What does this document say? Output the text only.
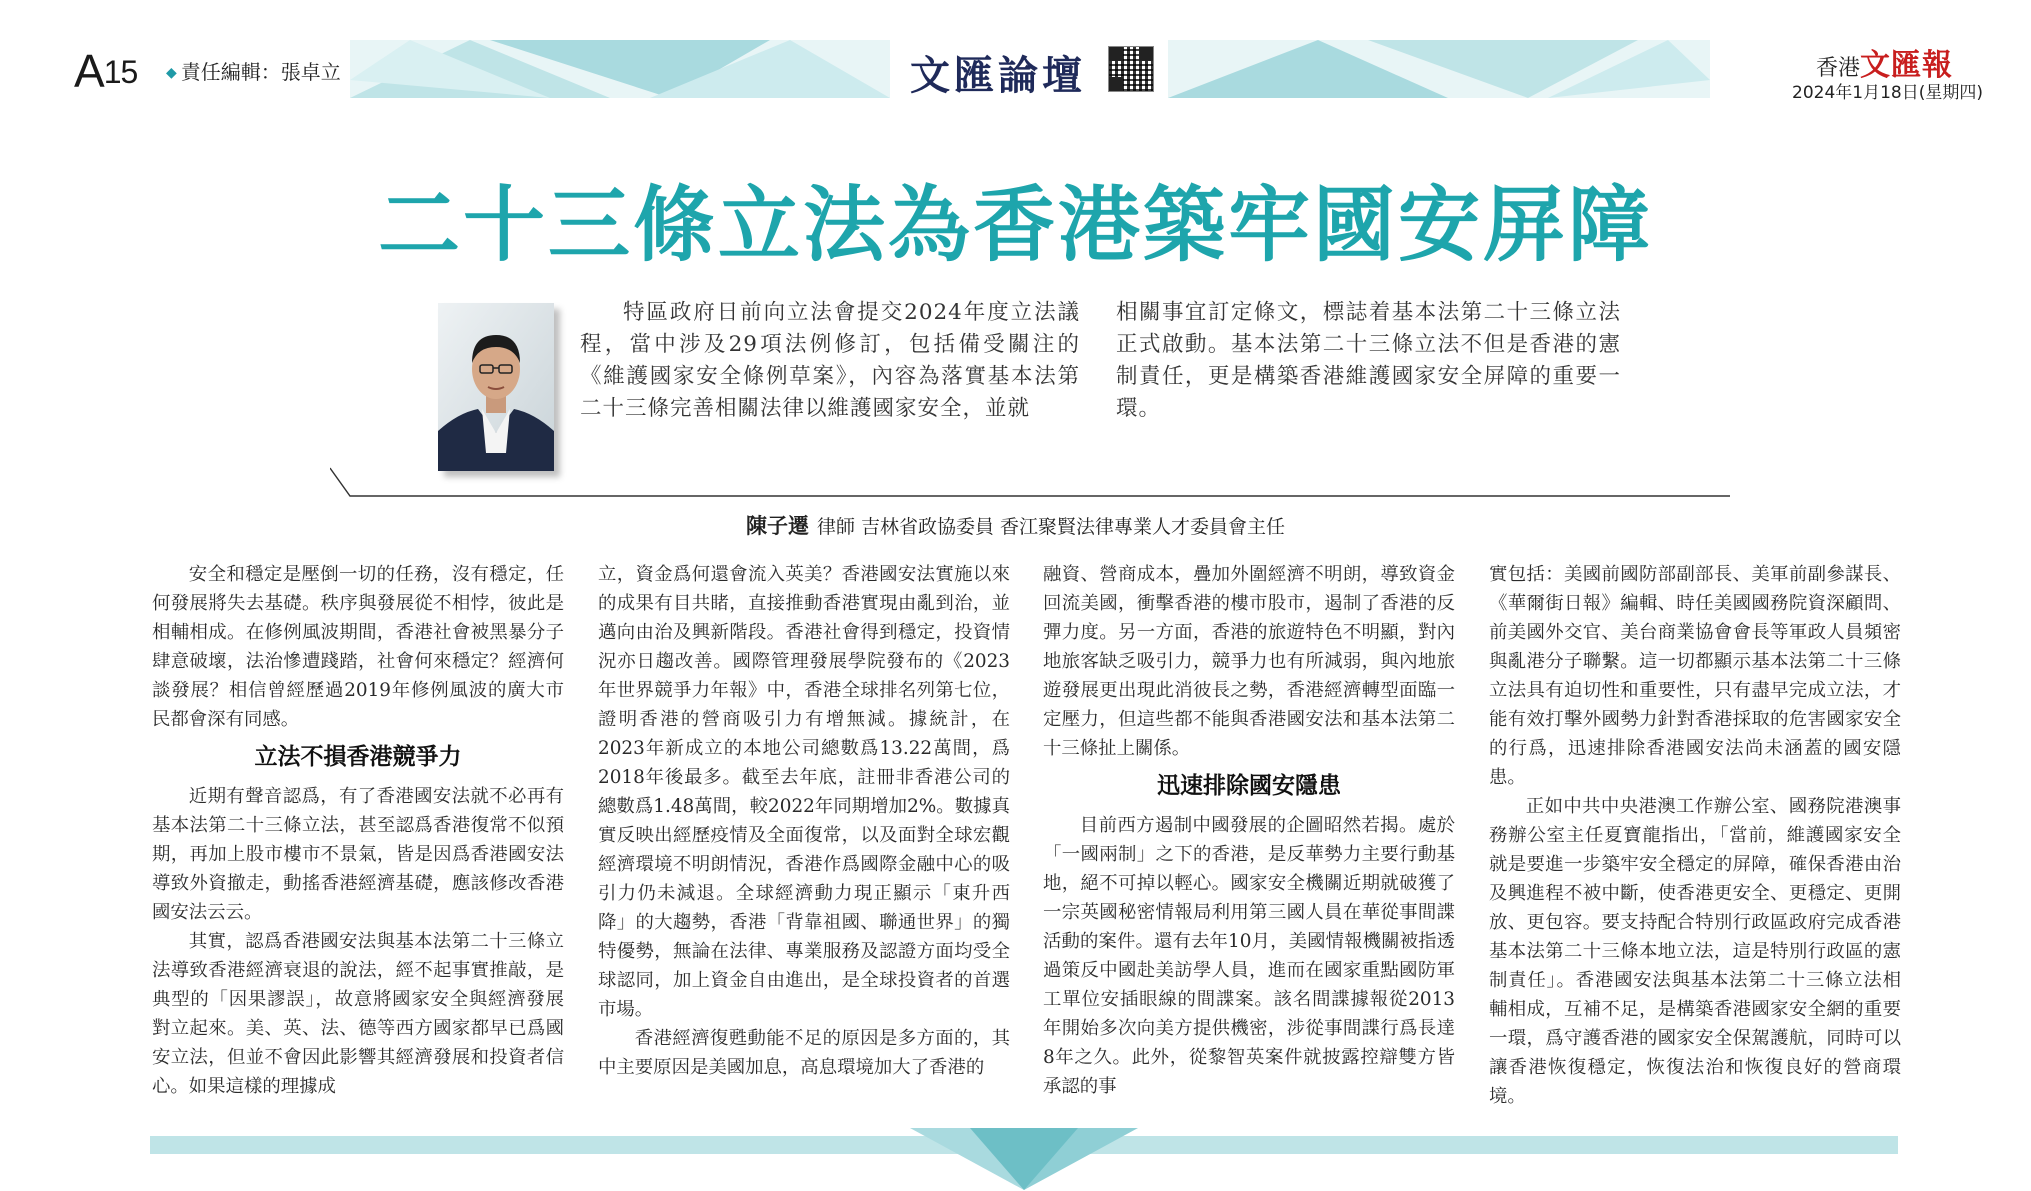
A15 ◆ 責任編輯：張卓立	文匯論壇	香港文匯報
2024年1月18日(星期四)
二十三條立法為香港築牢國安屏障
特區政府日前向立法會提交2024年度立法議程，當中涉及29項法例修訂，包括備受關注的《維護國家安全條例草案》，內容為落實基本法第二十三條完善相關法律以維護國家安全，並就
相關事宜訂定條文，標誌着基本法第二十三條立法正式啟動。基本法第二十三條立法不但是香港的憲制責任，更是構築香港維護國家安全屏障的重要一環。
陳子遷 律師 吉林省政協委員 香江聚賢法律專業人才委員會主任

安全和穩定是壓倒一切的任務，沒有穩定，任何發展將失去基礎。秩序與發展從不相悖，彼此是相輔相成。在修例風波期間，香港社會被黑暴分子肆意破壞，法治慘遭踐踏，社會何來穩定？經濟何談發展？相信曾經歷過2019年修例風波的廣大市民都會深有同感。

立法不損香港競爭力

近期有聲音認爲，有了香港國安法就不必再有基本法第二十三條立法，甚至認爲香港復常不似預期，再加上股市樓市不景氣，皆是因爲香港國安法導致外資撤走，動搖香港經濟基礎，應該修改香港國安法云云。

其實，認爲香港國安法與基本法第二十三條立法導致香港經濟衰退的說法，經不起事實推敲，是典型的「因果謬誤」，故意將國家安全與經濟發展對立起來。美、英、法、德等西方國家都早已爲國安立法，但並不會因此影響其經濟發展和投資者信心。如果這樣的理據成

立，資金爲何還會流入英美？香港國安法實施以來的成果有目共睹，直接推動香港實現由亂到治，並邁向由治及興新階段。香港社會得到穩定，投資情況亦日趨改善。國際管理發展學院發布的《2023年世界競爭力年報》中，香港全球排名列第七位，證明香港的營商吸引力有增無減。據統計，在2023年新成立的本地公司總數爲13.22萬間，爲2018年後最多。截至去年底，註冊非香港公司的總數爲1.48萬間，較2022年同期增加2%。數據真實反映出經歷疫情及全面復常，以及面對全球宏觀經濟環境不明朗情況，香港作爲國際金融中心的吸引力仍未減退。全球經濟動力現正顯示「東升西降」的大趨勢，香港「背靠祖國、聯通世界」的獨特優勢，無論在法律、專業服務及認證方面均受全球認同，加上資金自由進出，是全球投資者的首選市場。

香港經濟復甦動能不足的原因是多方面的，其中主要原因是美國加息，高息環境加大了香港的

融資、營商成本，疊加外圍經濟不明朗，導致資金回流美國，衝擊香港的樓市股市，遏制了香港的反彈力度。另一方面，香港的旅遊特色不明顯，對內地旅客缺乏吸引力，競爭力也有所減弱，與內地旅遊發展更出現此消彼長之勢，香港經濟轉型面臨一定壓力，但這些都不能與香港國安法和基本法第二十三條扯上關係。

迅速排除國安隱患

目前西方遏制中國發展的企圖昭然若揭。處於「一國兩制」之下的香港，是反華勢力主要行動基地，絕不可掉以輕心。國家安全機關近期就破獲了一宗英國秘密情報局利用第三國人員在華從事間諜活動的案件。還有去年10月，美國情報機關被指透過策反中國赴美訪學人員，進而在國家重點國防軍工單位安插眼線的間諜案。該名間諜據報從2013年開始多次向美方提供機密，涉從事間諜行爲長達8年之久。此外，從黎智英案件就披露控辯雙方皆承認的事

實包括：美國前國防部副部長、美軍前副參謀長、《華爾街日報》編輯、時任美國國務院資深顧問、前美國外交官、美台商業協會會長等軍政人員頻密與亂港分子聯繫。這一切都顯示基本法第二十三條立法具有迫切性和重要性，只有盡早完成立法，才能有效打擊外國勢力針對香港採取的危害國家安全的行爲，迅速排除香港國安法尚未涵蓋的國安隱患。

正如中共中央港澳工作辦公室、國務院港澳事務辦公室主任夏寶龍指出，「當前，維護國家安全就是要進一步築牢安全穩定的屏障，確保香港由治及興進程不被中斷，使香港更安全、更穩定、更開放、更包容。要支持配合特別行政區政府完成香港基本法第二十三條本地立法，這是特別行政區的憲制責任」。香港國安法與基本法第二十三條立法相輔相成，互補不足，是構築香港國家安全網的重要一環，爲守護香港的國家安全保駕護航，同時可以讓香港恢復穩定，恢復法治和恢復良好的營商環境。
